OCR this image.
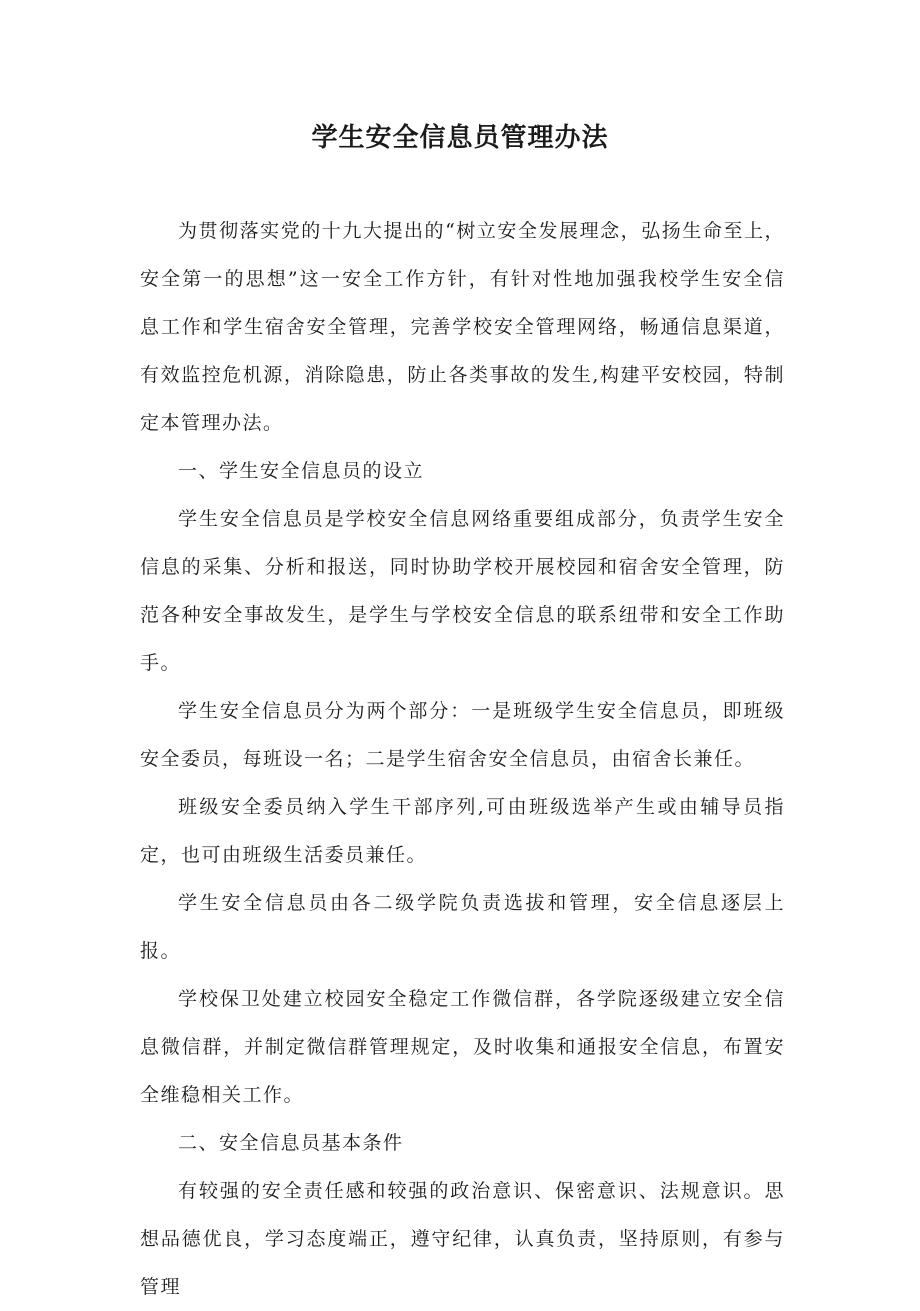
学生安全信息员管理办法

为贯彻落实党的十九大提出的“树立安全发展理念，弘扬生命至上，安全第一的思想”这一安全工作方针，有针对性地加强我校学生安全信息工作和学生宿舍安全管理，完善学校安全管理网络，畅通信息渠道，有效监控危机源，消除隐患，防止各类事故的发生,构建平安校园，特制定本管理办法。

一、学生安全信息员的设立

学生安全信息员是学校安全信息网络重要组成部分，负责学生安全信息的采集、分析和报送，同时协助学校开展校园和宿舍安全管理，防范各种安全事故发生，是学生与学校安全信息的联系纽带和安全工作助手。

学生安全信息员分为两个部分：一是班级学生安全信息员，即班级安全委员，每班设一名；二是学生宿舍安全信息员，由宿舍长兼任。

班级安全委员纳入学生干部序列,可由班级选举产生或由辅导员指定，也可由班级生活委员兼任。

学生安全信息员由各二级学院负责选拔和管理，安全信息逐层上报。

学校保卫处建立校园安全稳定工作微信群，各学院逐级建立安全信息微信群，并制定微信群管理规定，及时收集和通报安全信息，布置安全维稳相关工作。

二、安全信息员基本条件

有较强的安全责任感和较强的政治意识、保密意识、法规意识。思想品德优良，学习态度端正，遵守纪律，认真负责，坚持原则，有参与管理
